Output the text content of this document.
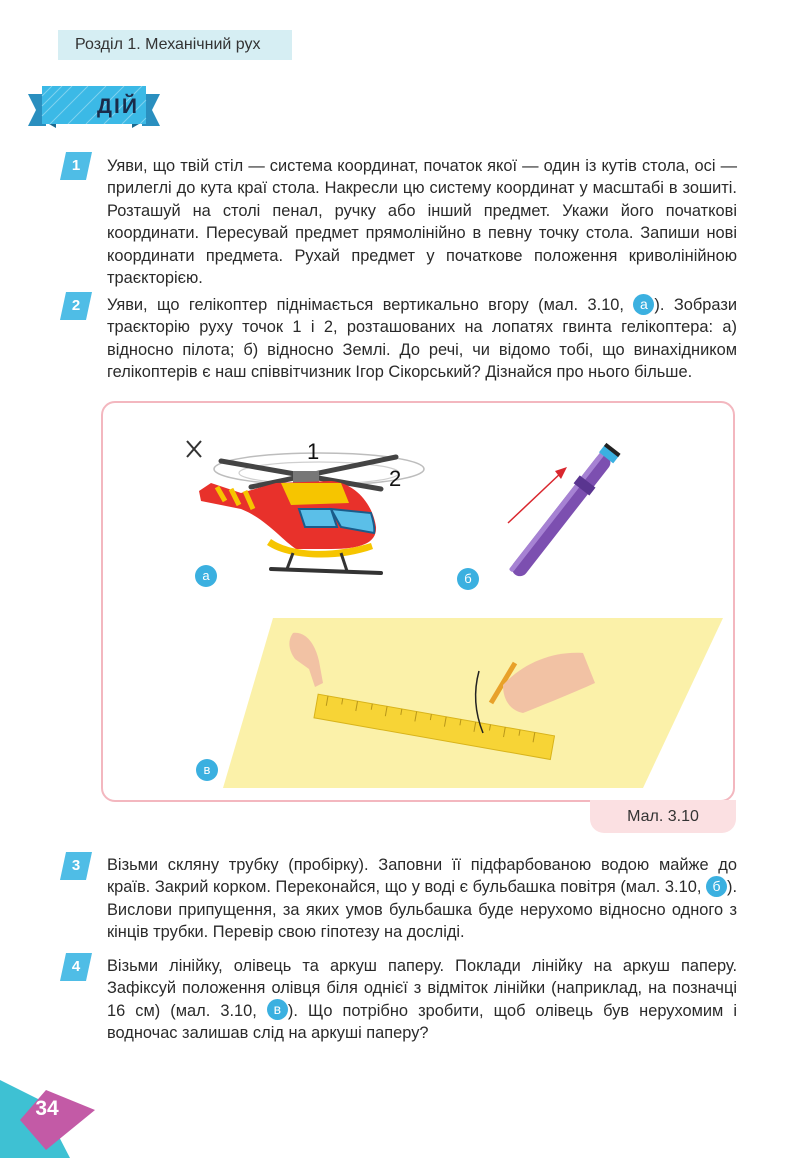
Розділ 1. Механічний рух
ДІЙ
1	Уяви, що твій стіл — система координат, початок якої — один із кутів стола, осі — прилеглі до кута краї стола. Накресли цю систему координат у масштабі в зошиті. Розташуй на столі пенал, ручку або інший предмет. Укажи його початкові координати. Пересувай предмет прямолінійно в певну точку стола. Запиши нові координати предмета. Рухай предмет у початкове положення криволінійною траєкторією.
2	Уяви, що гелікоптер піднімається вертикально вгору (мал. 3.10, а ). Зобрази траєкторію руху точок 1 і 2, розташованих на лопатях гвинта гелікоптера: а) відносно пілота; б) відносно Землі. До речі, чи відомо тобі, що винахідником гелікоптерів є наш співвітчизник Ігор Сікорський? Дізнайся про нього більше.
1
2
а	б
в
Мал. 3.10
3	Візьми скляну трубку (пробірку). Заповни її підфарбованою водою майже до країв. Закрий корком. Переконайся, що у воді є бульбашка повітря (мал. 3.10, б ). Вислови припущення, за яких умов бульбашка буде нерухомо відносно одного з кінців трубки. Перевір свою гіпотезу на досліді.
4	Візьми лінійку, олівець та аркуш паперу. Поклади лінійку на аркуш паперу. Зафіксуй положення олівця біля однієї з відміток лінійки (наприклад, на позначці 16 см) (мал. 3.10, в ). Що потрібно зробити, щоб олівець був нерухомим і водночас залишав слід на аркуші паперу?
34
